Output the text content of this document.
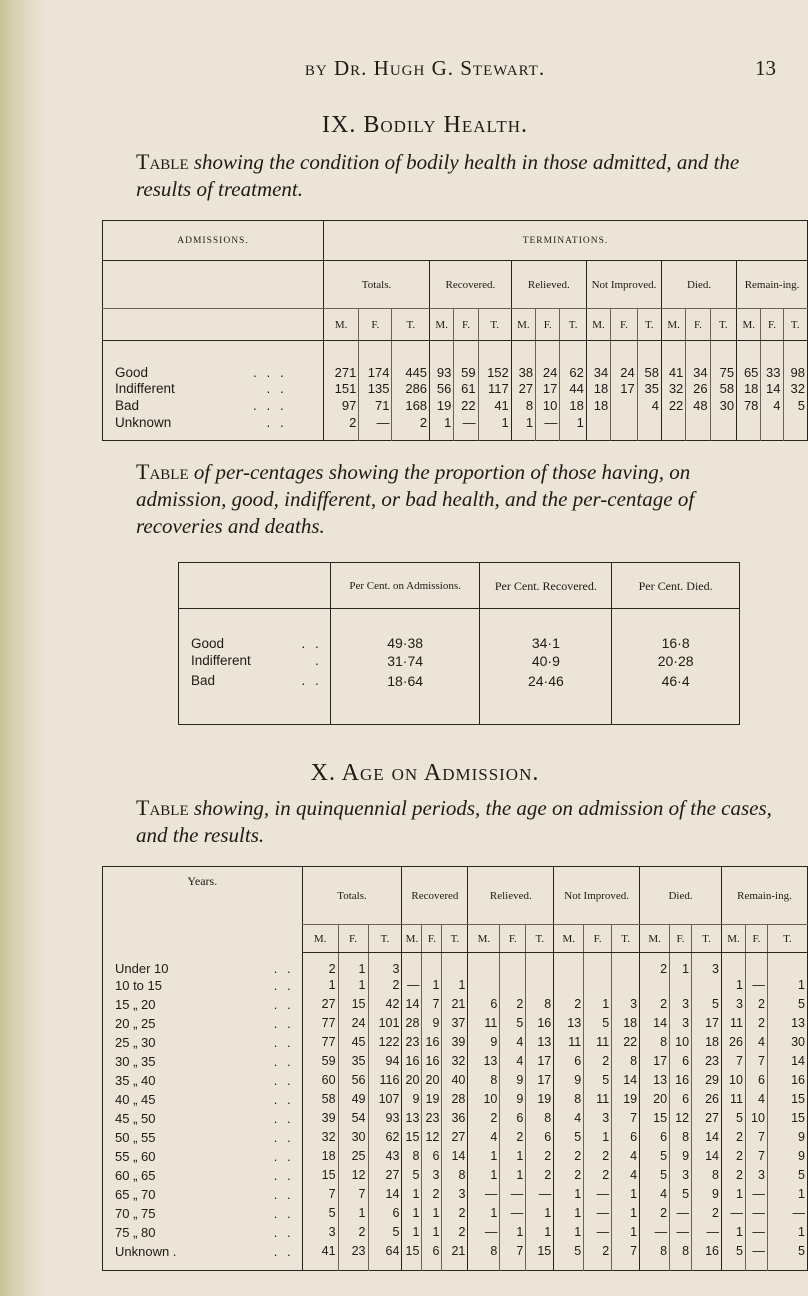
by Dr. Hugh G. Stewart.	13
IX. Bodily Health.
Table showing the condition of bodily health in those admitted, and the results of treatment.
ADMISSIONS.		TERMINATIONS.																	
		Totals.			Recovered.			Relieved.			Not Improved.			Died.			Remain-ing.		
		M.	F.	T.	M.	F.	T.	M.	F.	T.	M.	F.	T.	M.	F.	T.	M.	F.	T.
Good . . .		271	174	445	93	59	152	38	24	62	34	24	58	41	34	75	65	33	98
Indifferent . .		151	135	286	56	61	117	27	17	44	18	17	35	32	26	58	18	14	32
Bad . . .		97	71	168	19	22	41	8	10	18	18		4	22	48	30	78	4	5
Unknown . .		2	—	2	1	—	1	1	—	1									

Table of per-centages showing the proportion of those having, on admission, good, indifferent, or bad health, and the per-centage of recoveries and deaths.
	Per Cent. on Admissions.	Per Cent. Recovered.	Per Cent. Died.
Good . .	49·38	34·1	16·8
Indifferent .	31·74	40·9	20·28
Bad . .	18·64	24·46	46·4

X. Age on Admission.
Table showing, in quinquennial periods, the age on admission of the cases, and the results.
Years.	Totals.			Recovered			Relieved.			Not Improved.			Died.			Remain-ing.		
	M.	F.	T.	M.	F.	T.	M.	F.	T.	M.	F.	T.	M.	F.	T.	M.	F.	T.
Under 10 . .	2	1	3										2	1	3			
10 to 15 . .	1	1	2	—	1	1										1	—	1
15 „ 20 . .	27	15	42	14	7	21	6	2	8	2	1	3	2	3	5	3	2	5
20 „ 25 . .	77	24	101	28	9	37	11	5	16	13	5	18	14	3	17	11	2	13
25 „ 30 . .	77	45	122	23	16	39	9	4	13	11	11	22	8	10	18	26	4	30
30 „ 35 . .	59	35	94	16	16	32	13	4	17	6	2	8	17	6	23	7	7	14
35 „ 40 . .	60	56	116	20	20	40	8	9	17	9	5	14	13	16	29	10	6	16
40 „ 45 . .	58	49	107	9	19	28	10	9	19	8	11	19	20	6	26	11	4	15
45 „ 50 . .	39	54	93	13	23	36	2	6	8	4	3	7	15	12	27	5	10	15
50 „ 55 . .	32	30	62	15	12	27	4	2	6	5	1	6	6	8	14	2	7	9
55 „ 60 . .	18	25	43	8	6	14	1	1	2	2	2	4	5	9	14	2	7	9
60 „ 65 . .	15	12	27	5	3	8	1	1	2	2	2	4	5	3	8	2	3	5
65 „ 70 . .	7	7	14	1	2	3	—	—	—	1	—	1	4	5	9	1	—	1
70 „ 75 . .	5	1	6	1	1	2	1	—	1	1	—	1	2	—	2	—	—	—
75 „ 80 . .	3	2	5	1	1	2	—	1	1	1	—	1	—	—	—	1	—	1
Unknown . . .	41	23	64	15	6	21	8	7	15	5	2	7	8	8	16	5	—	5
